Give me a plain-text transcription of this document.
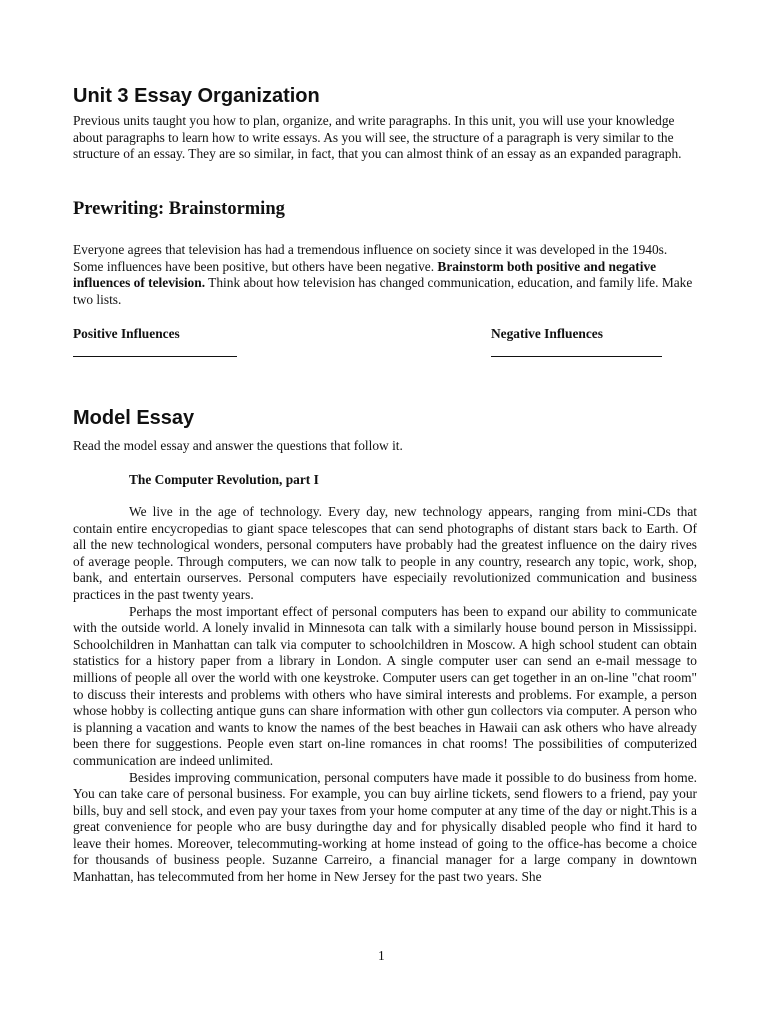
Unit 3 Essay Organization

Previous units taught you how to plan, organize, and write paragraphs. In this unit, you will use your knowledge about paragraphs to learn how to write essays. As you will see, the structure of a paragraph is very similar to the structure of an essay. They are so similar, in fact, that you can almost think of an essay as an expanded paragraph.

Prewriting: Brainstorming

Everyone agrees that television has had a tremendous influence on society since it was developed in the 1940s. Some influences have been positive, but others have been negative. Brainstorm both positive and negative influences of television. Think about how television has changed communication, education, and family life. Make two lists.

Positive Influences	Negative Influences
Model Essay

Read the model essay and answer the questions that follow it.

The Computer Revolution, part I

We live in the age of technology. Every day, new technology appears, ranging from mini-CDs that contain entire encycropedias to giant space telescopes that can send photographs of distant stars back to Earth. Of all the new technological wonders, personal computers have probably had the greatest influence on the dairy rives of average people. Through computers, we can now talk to people in any country, research any topic, work, shop, bank, and entertain ourserves. Personal computers have especiaily revolutionized communication and business practices in the past twenty years.

Perhaps the most important effect of personal computers has been to expand our ability to communicate with the outside world. A lonely invalid in Minnesota can talk with a similarly house bound person in Mississippi. Schoolchildren in Manhattan can talk via computer to schoolchildren in Moscow. A high school student can obtain statistics for a history paper from a library in London. A single computer user can send an e-mail message to millions of people all over the world with one keystroke. Computer users can get together in an on-line "chat room" to discuss their interests and problems with others who have simiral interests and problems. For example, a person whose hobby is collecting antique guns can share information with other gun collectors via computer. A person who is planning a vacation and wants to know the names of the best beaches in Hawaii can ask others who have already been there for suggestions. People even start on-line romances in chat rooms! The possibilities of computerized communication are indeed unlimited.

Besides improving communication, personal computers have made it possible to do business from home. You can take care of personal business. For example, you can buy airline tickets, send flowers to a friend, pay your bills, buy and sell stock, and even pay your taxes from your home computer at any time of the day or night.This is a great convenience for people who are busy duringthe day and for physically disabled people who find it hard to leave their homes. Moreover, telecommuting-working at home instead of going to the office-has become a choice for thousands of business people. Suzanne Carreiro, a financial manager for a large company in downtown Manhattan, has telecommuted from her home in New Jersey for the past two years. She

1
